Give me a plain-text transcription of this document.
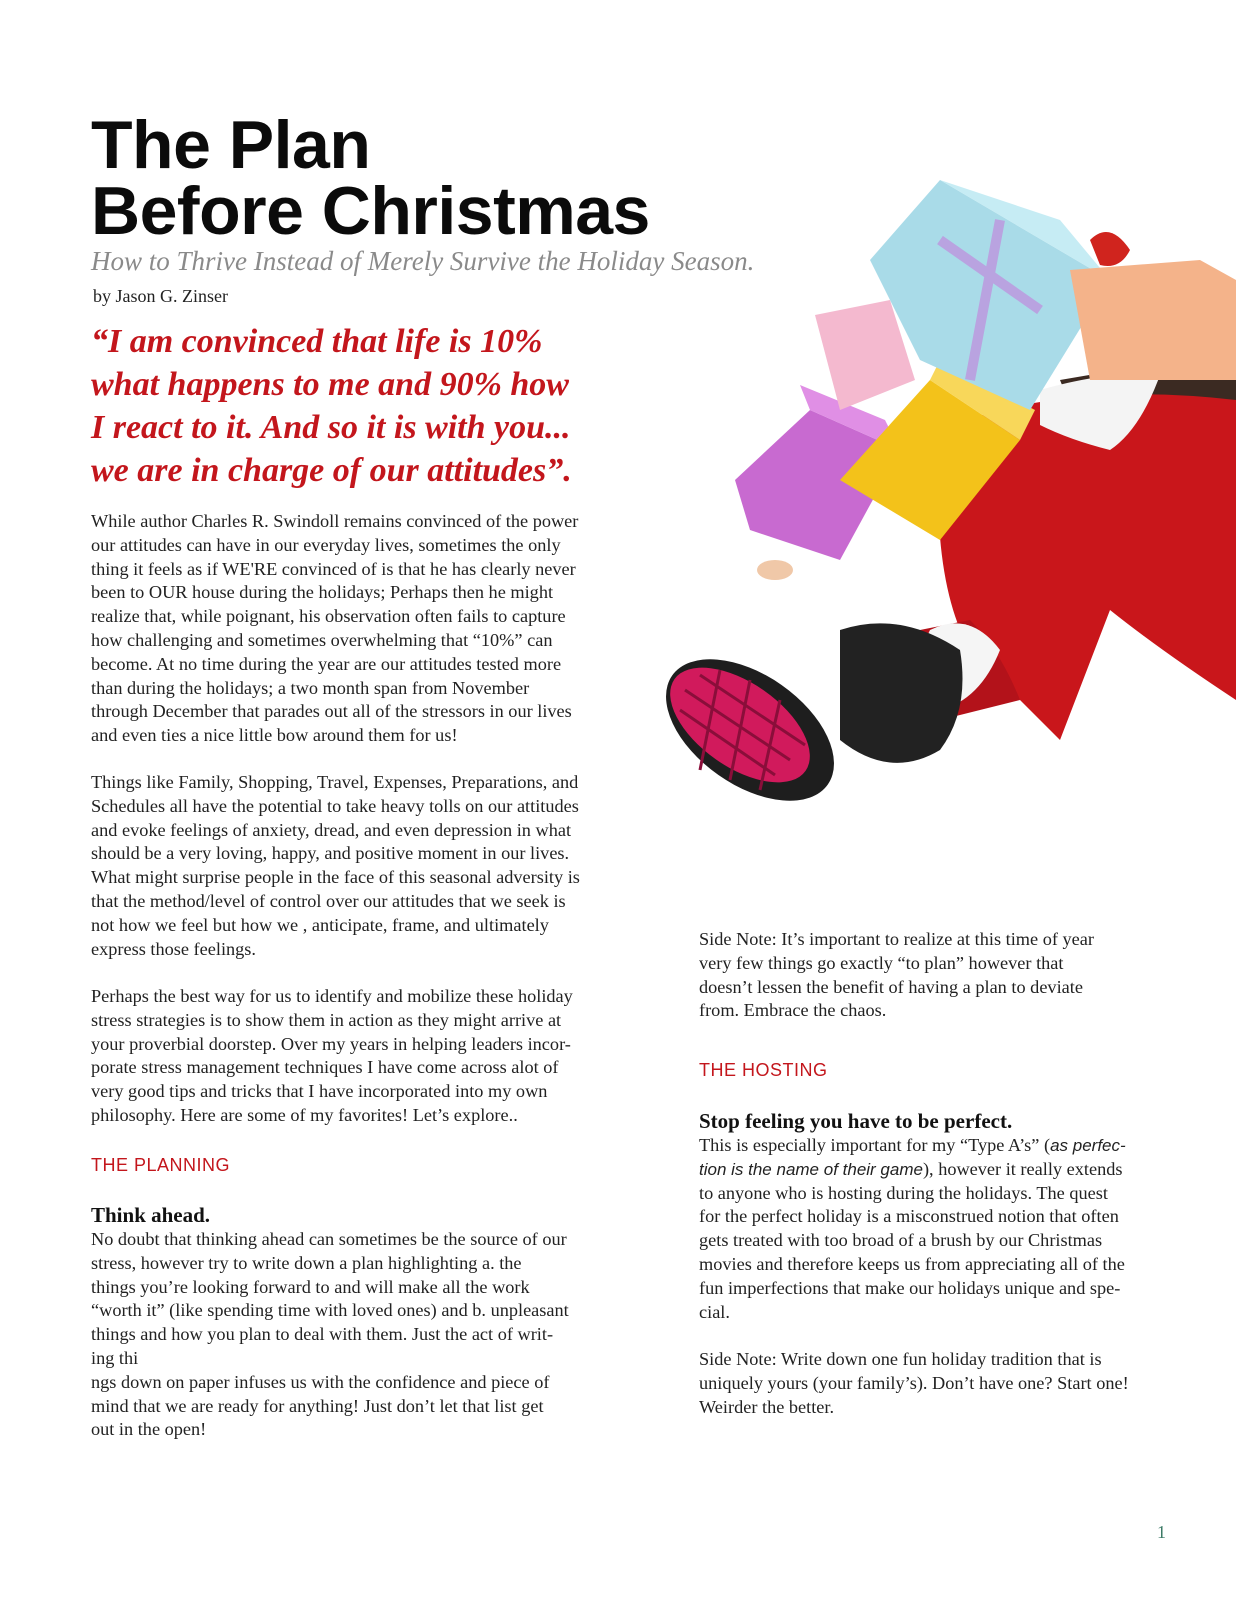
The Plan
Before Christmas
How to Thrive Instead of Merely Survive the Holiday Season.
by Jason G. Zinser
“I am convinced that life is 10%
what happens to me and 90% how
I react to it. And so it is with you...
we are in charge of our attitudes”.
While author Charles R. Swindoll remains convinced of the power
our attitudes can have in our everyday lives, sometimes the only
thing it feels as if WE'RE convinced of is that he has clearly never
been to OUR house during the holidays; Perhaps then he might
realize that, while poignant, his observation often fails to capture
how challenging and sometimes overwhelming that “10%” can
become. At no time during the year are our attitudes tested more
than during the holidays; a two month span from November
through December that parades out all of the stressors in our lives
and even ties a nice little bow around them for us!
Things like Family, Shopping, Travel, Expenses, Preparations, and
Schedules all have the potential to take heavy tolls on our attitudes
and evoke feelings of anxiety, dread, and even depression in what
should be a very loving, happy, and positive moment in our lives.
What might surprise people in the face of this seasonal adversity is
that the method/level of control over our attitudes that we seek is
not how we feel but how we , anticipate, frame, and ultimately
express those feelings.
Perhaps the best way for us to identify and mobilize these holiday
stress strategies is to show them in action as they might arrive at
your proverbial doorstep. Over my years in helping leaders incor-
porate stress management techniques I have come across alot of
very good tips and tricks that I have incorporated into my own
philosophy. Here are some of my favorites! Let’s explore..
THE PLANNING
Think ahead.
No doubt that thinking ahead can sometimes be the source of our
stress, however try to write down a plan highlighting a. the
things you’re looking forward to and will make all the work
“worth it” (like spending time with loved ones) and b. unpleasant
things and how you plan to deal with them. Just the act of writ-
ing thi
ngs down on paper infuses us with the confidence and piece of
mind that we are ready for anything! Just don’t let that list get
out in the open!
Side Note: It’s important to realize at this time of year
very few things go exactly “to plan” however that
doesn’t lessen the benefit of having a plan to deviate
from. Embrace the chaos.
THE HOSTING
Stop feeling you have to be perfect.
This is especially important for my “Type A’s” (as perfec-
tion is the name of their game), however it really extends
to anyone who is hosting during the holidays. The quest
for the perfect holiday is a misconstrued notion that often
gets treated with too broad of a brush by our Christmas
movies and therefore keeps us from appreciating all of the
fun imperfections that make our holidays unique and spe-
cial.
Side Note: Write down one fun holiday tradition that is
uniquely yours (your family’s). Don’t have one? Start one!
Weirder the better.
1
